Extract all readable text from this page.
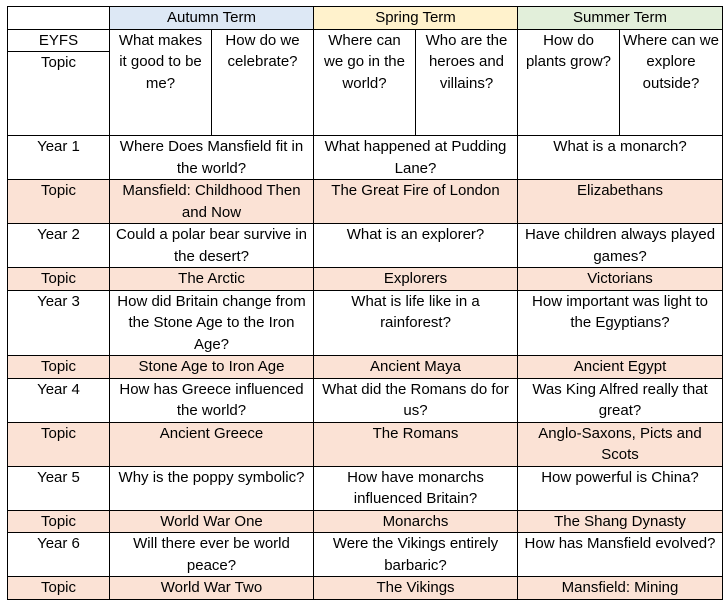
	Autumn Term		Spring Term		Summer Term	
EYFS	What makes it good to be me?	How do we celebrate?	Where can we go in the world?	Who are the heroes and villains?	How do plants grow?	Where can we explore outside?
Topic						
Year 1	Where Does Mansfield fit in the world?		What happened at Pudding Lane?		What is a monarch?	
Topic	Mansfield: Childhood Then and Now		The Great Fire of London		Elizabethans	
Year 2	Could a polar bear survive in the desert?		What is an explorer?		Have children always played games?	
Topic	The Arctic		Explorers		Victorians	
Year 3	How did Britain change from the Stone Age to the Iron Age?		What is life like in a rainforest?		How important was light to the Egyptians?	
Topic	Stone Age to Iron Age		Ancient Maya		Ancient Egypt	
Year 4	How has Greece influenced the world?		What did the Romans do for us?		Was King Alfred really that great?	
Topic	Ancient Greece		The Romans		Anglo-Saxons, Picts and Scots	
Year 5	Why is the poppy symbolic?		How have monarchs influenced Britain?		How powerful is China?	
Topic	World War One		Monarchs		The Shang Dynasty	
Year 6	Will there ever be world peace?		Were the Vikings entirely barbaric?		How has Mansfield evolved?	
Topic	World War Two		The Vikings		Mansfield: Mining	
